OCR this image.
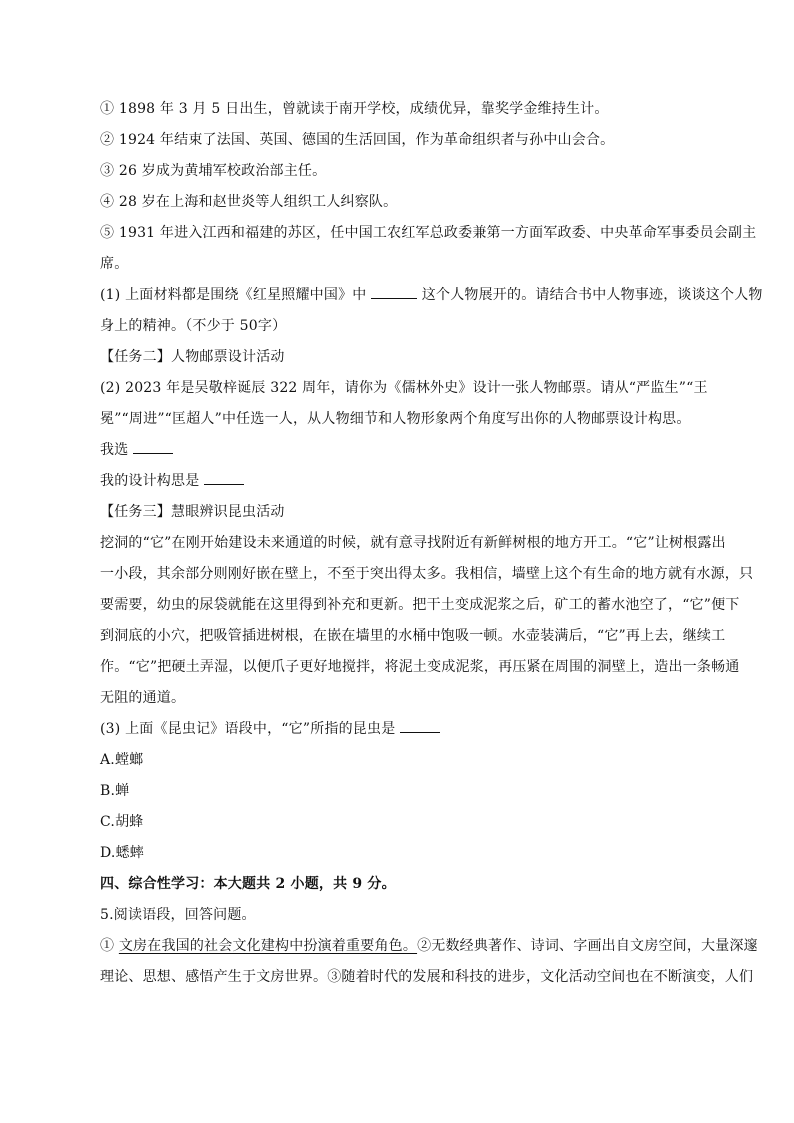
① 1898 年 3 月 5 日出生，曾就读于南开学校，成绩优异，靠奖学金维持生计。
② 1924 年结束了法国、英国、德国的生活回国，作为革命组织者与孙中山会合。
③ 26 岁成为黄埔军校政治部主任。
④ 28 岁在上海和赵世炎等人组织工人纠察队。
⑤ 1931 年进入江西和福建的苏区，任中国工农红军总政委兼第一方面军政委、中央革命军事委员会副主
席。
(1) 上面材料都是围绕《红星照耀中国》中	这个人物展开的。请结合书中人物事迹，谈谈这个人物
身上的精神。（不少于 50字）
【任务二】人物邮票设计活动
(2) 2023 年是吴敬梓诞辰 322 周年，请你为《儒林外史》设计一张人物邮票。请从“严监生”“王
冕”“周进”“匡超人”中任选一人，从人物细节和人物形象两个角度写出你的人物邮票设计构思。
我选
我的设计构思是
【任务三】慧眼辨识昆虫活动
挖洞的“它”在刚开始建设未来通道的时候，就有意寻找附近有新鲜树根的地方开工。“它”让树根露出
一小段，其余部分则刚好嵌在壁上，不至于突出得太多。我相信，墙壁上这个有生命的地方就有水源，只
要需要，幼虫的尿袋就能在这里得到补充和更新。把干土变成泥浆之后，矿工的蓄水池空了，“它”便下
到洞底的小穴，把吸管插进树根，在嵌在墙里的水桶中饱吸一顿。水壶装满后，“它”再上去，继续工
作。“它”把硬土弄湿，以便爪子更好地搅拌，将泥土变成泥浆，再压紧在周围的洞壁上，造出一条畅通
无阻的通道。
(3) 上面《昆虫记》语段中，“它”所指的昆虫是
A.螳螂
B.蝉
C.胡蜂
D.蟋蟀
四、综合性学习：本大题共 2 小题，共 9 分。
5.阅读语段，回答问题。
① 文房在我国的社会文化建构中扮演着重要角色。②无数经典著作、诗词、字画出自文房空间，大量深邃
理论、思想、感悟产生于文房世界。③随着时代的发展和科技的进步，文化活动空间也在不断演变，人们
